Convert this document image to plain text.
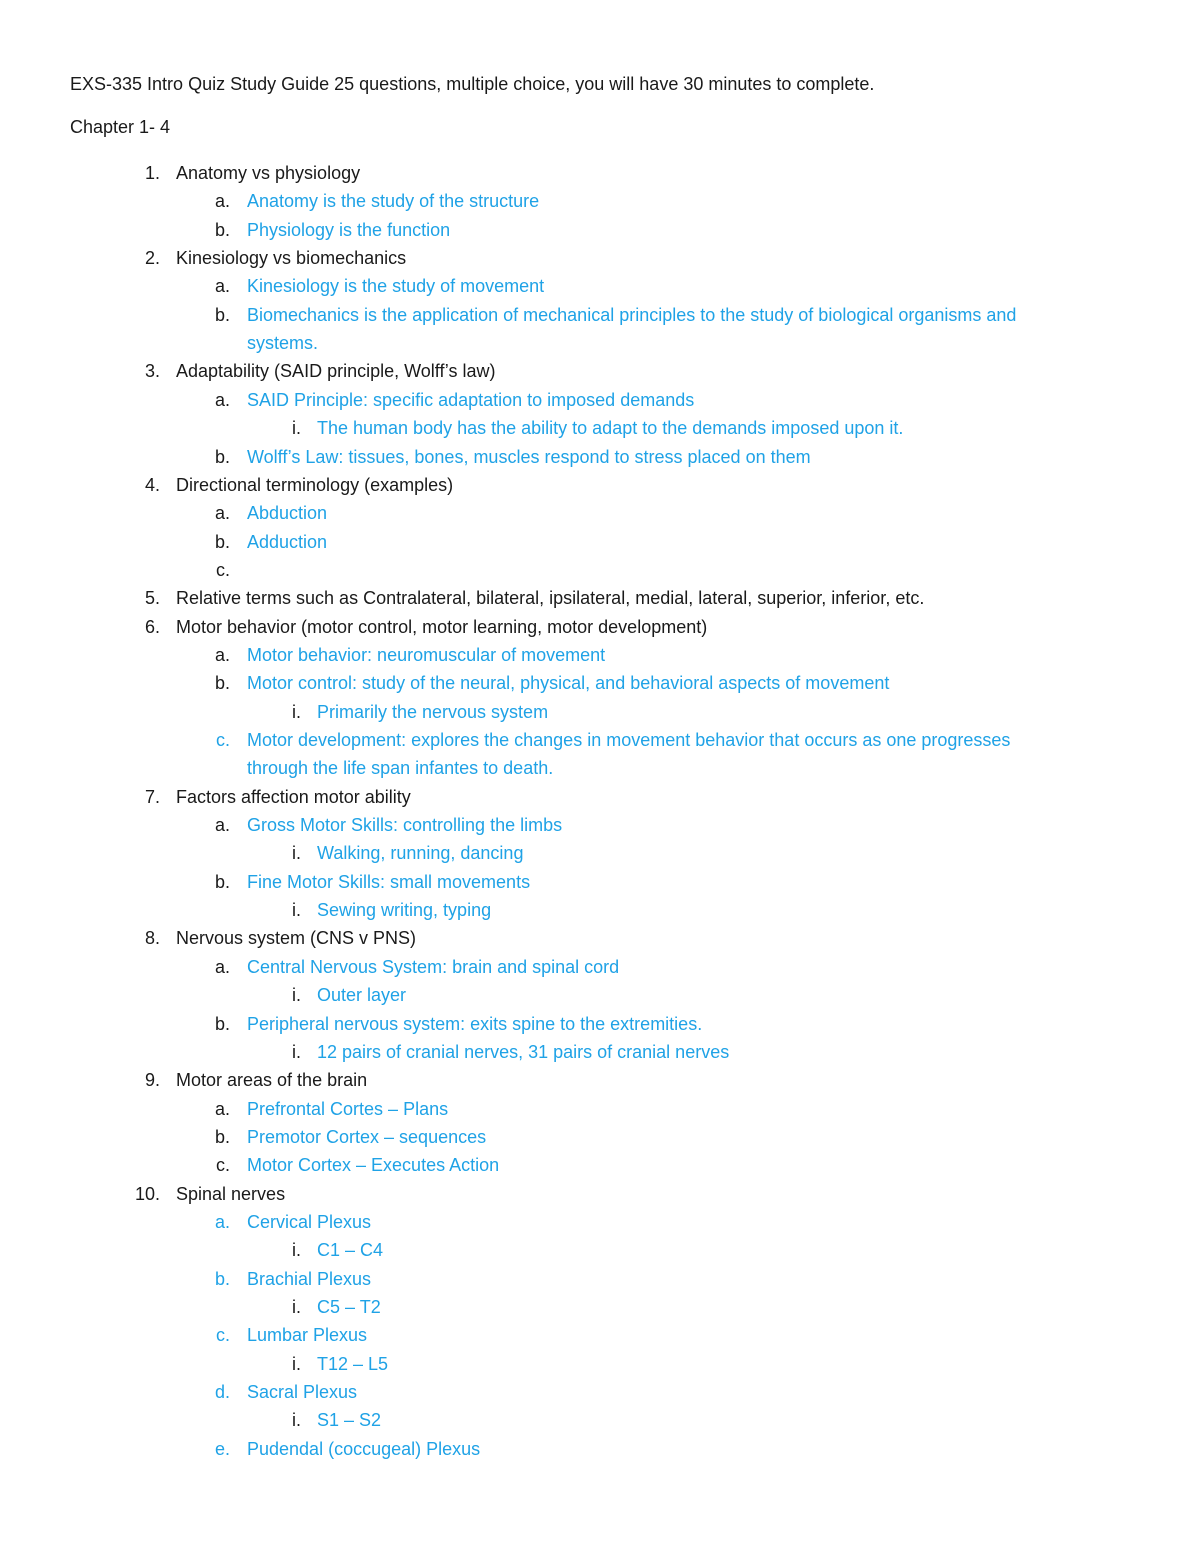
EXS-335 Intro Quiz Study Guide 25 questions, multiple choice, you will have 30 minutes to complete.
Chapter 1- 4
1. Anatomy vs physiology
a. Anatomy is the study of the structure
b. Physiology is the function
2. Kinesiology vs biomechanics
a. Kinesiology is the study of movement
b. Biomechanics is the application of mechanical principles to the study of biological organisms and
systems.
3. Adaptability (SAID principle, Wolff’s law)
a. SAID Principle: specific adaptation to imposed demands
i. The human body has the ability to adapt to the demands imposed upon it.
b. Wolff’s Law: tissues, bones, muscles respond to stress placed on them
4. Directional terminology (examples)
a. Abduction
b. Adduction
c.
5. Relative terms such as Contralateral, bilateral, ipsilateral, medial, lateral, superior, inferior, etc.
6. Motor behavior (motor control, motor learning, motor development)
a. Motor behavior: neuromuscular of movement
b. Motor control: study of the neural, physical, and behavioral aspects of movement
i. Primarily the nervous system
c. Motor development: explores the changes in movement behavior that occurs as one progresses
through the life span infantes to death.
7. Factors affection motor ability
a. Gross Motor Skills: controlling the limbs
i. Walking, running, dancing
b. Fine Motor Skills: small movements
i. Sewing writing, typing
8. Nervous system (CNS v PNS)
a. Central Nervous System: brain and spinal cord
i. Outer layer
b. Peripheral nervous system: exits spine to the extremities.
i. 12 pairs of cranial nerves, 31 pairs of cranial nerves
9. Motor areas of the brain
a. Prefrontal Cortes – Plans
b. Premotor Cortex – sequences
c. Motor Cortex – Executes Action
10. Spinal nerves
a. Cervical Plexus
i. C1 – C4
b. Brachial Plexus
i. C5 – T2
c. Lumbar Plexus
i. T12 – L5
d. Sacral Plexus
i. S1 – S2
e. Pudendal (coccugeal) Plexus
